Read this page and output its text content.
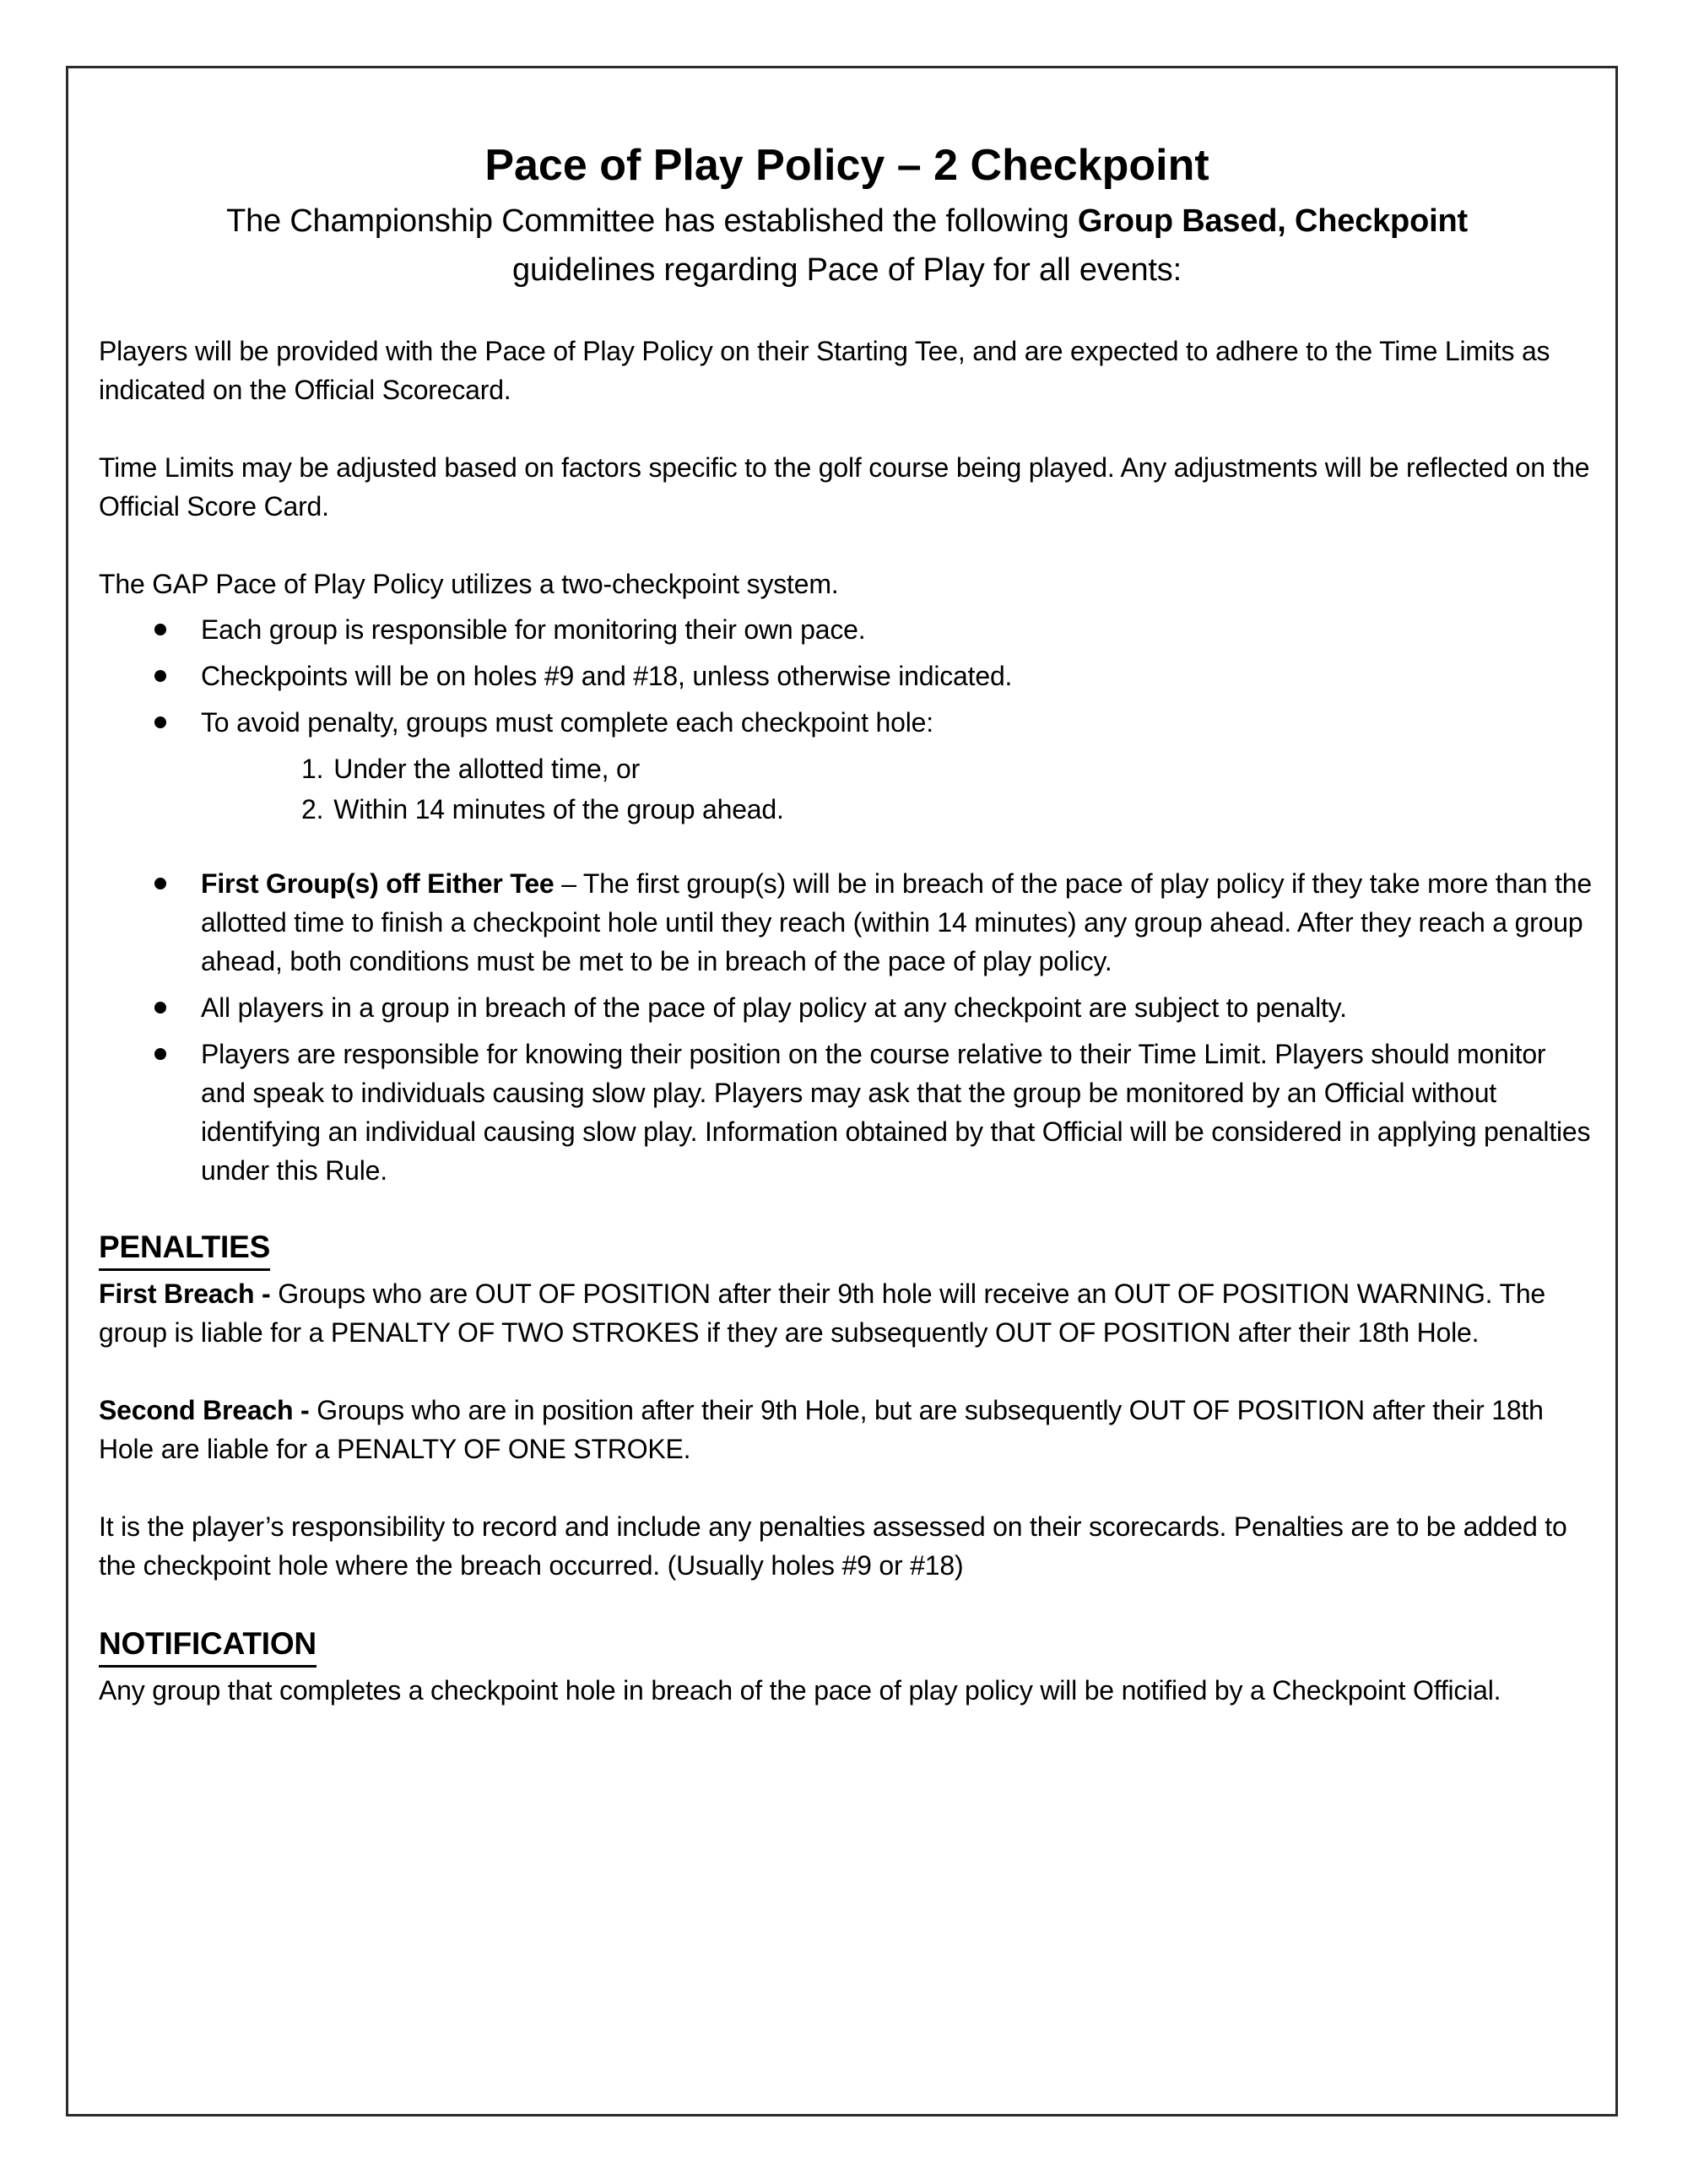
Pace of Play Policy – 2 Checkpoint
The Championship Committee has established the following Group Based, Checkpoint
guidelines regarding Pace of Play for all events:

Players will be provided with the Pace of Play Policy on their Starting Tee, and are expected to adhere to the Time Limits as indicated on the Official Scorecard.

Time Limits may be adjusted based on factors specific to the golf course being played. Any adjustments will be reflected on the Official Score Card.

The GAP Pace of Play Policy utilizes a two-checkpoint system.

Each group is responsible for monitoring their own pace.
Checkpoints will be on holes #9 and #18, unless otherwise indicated.
To avoid penalty, groups must complete each checkpoint hole:
1. Under the allotted time, or
2. Within 14 minutes of the group ahead.
First Group(s) off Either Tee – The first group(s) will be in breach of the pace of play policy if they take more than the allotted time to finish a checkpoint hole until they reach (within 14 minutes) any group ahead. After they reach a group ahead, both conditions must be met to be in breach of the pace of play policy.
All players in a group in breach of the pace of play policy at any checkpoint are subject to penalty.
Players are responsible for knowing their position on the course relative to their Time Limit. Players should monitor and speak to individuals causing slow play. Players may ask that the group be monitored by an Official without identifying an individual causing slow play. Information obtained by that Official will be considered in applying penalties under this Rule.
PENALTIES

First Breach - Groups who are OUT OF POSITION after their 9th hole will receive an OUT OF POSITION WARNING. The group is liable for a PENALTY OF TWO STROKES if they are subsequently OUT OF POSITION after their 18th Hole.

Second Breach - Groups who are in position after their 9th Hole, but are subsequently OUT OF POSITION after their 18th Hole are liable for a PENALTY OF ONE STROKE.

It is the player’s responsibility to record and include any penalties assessed on their scorecards. Penalties are to be added to the checkpoint hole where the breach occurred. (Usually holes #9 or #18)

NOTIFICATION

Any group that completes a checkpoint hole in breach of the pace of play policy will be notified by a Checkpoint Official.
